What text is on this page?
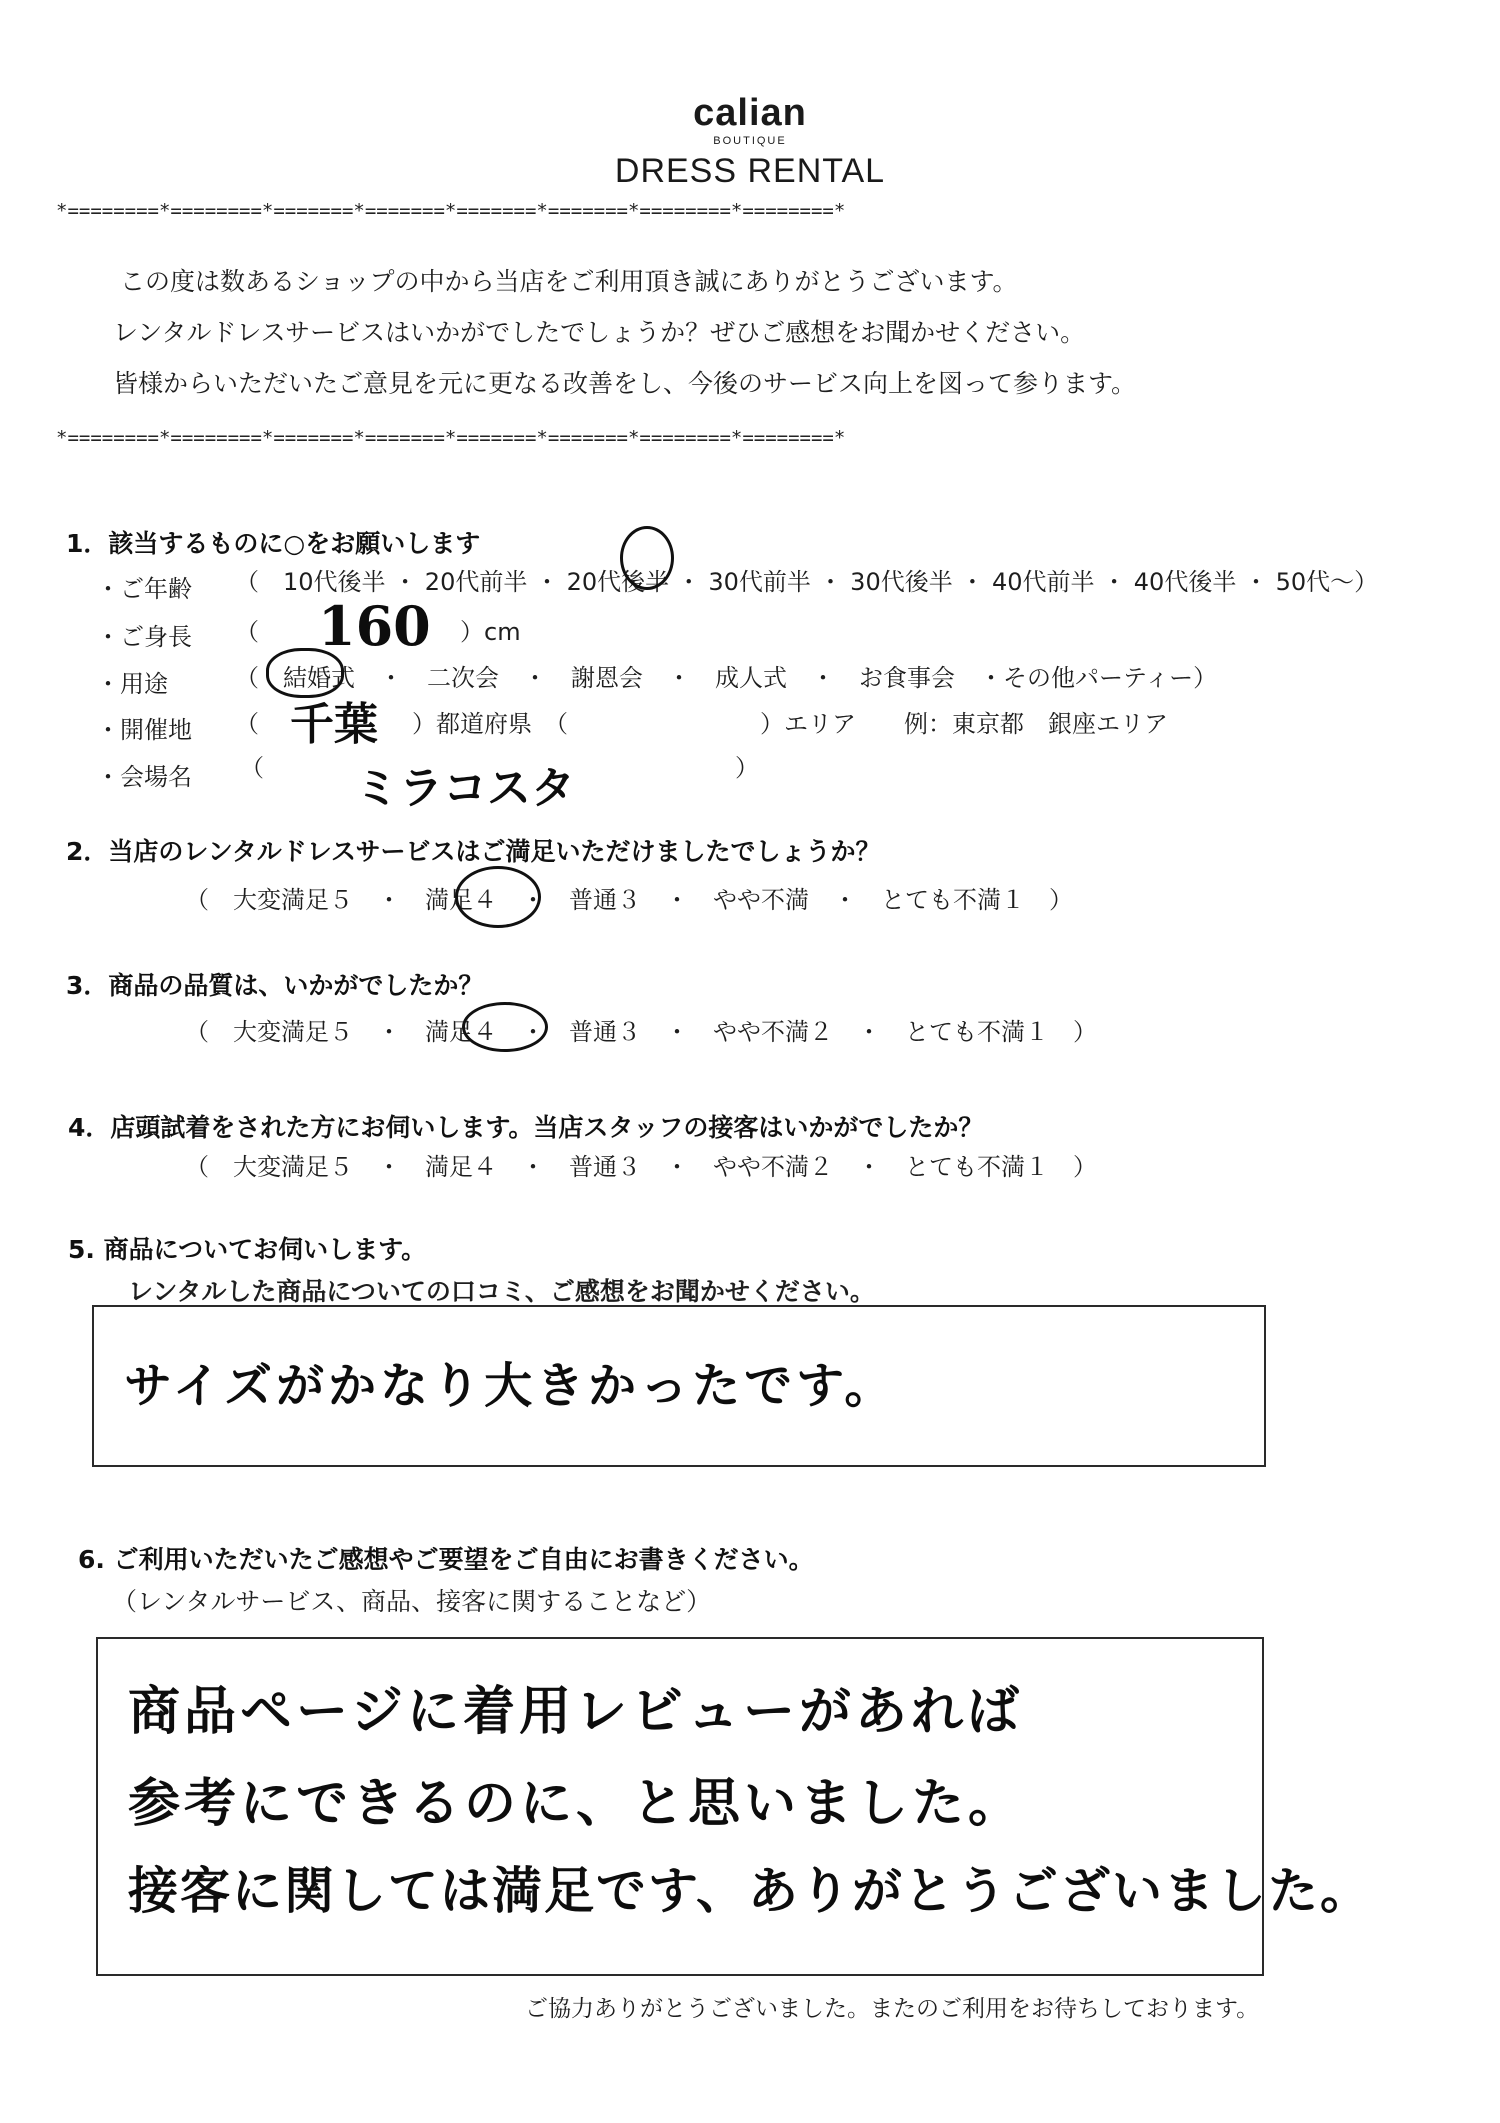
calian
BOUTIQUE
DRESS RENTAL
*========*========*=======*=======*=======*=======*========*========*
この度は数あるショップの中から当店をご利用頂き誠にありがとうございます。
レンタルドレスサービスはいかがでしたでしょうか？ぜひご感想をお聞かせください。
皆様からいただいたご意見を元に更なる改善をし、今後のサービス向上を図って参ります。
*========*========*=======*=======*=======*=======*========*========*
1．該当するものに○をお願いします
・ご年齢 （　10代後半 ・ 20代前半 ・ 20代後半 ・ 30代前半 ・ 30代後半 ・ 40代前半 ・ 40代後半 ・ 50代～）
・ご身長 （ 160 ）cm
・用途	（　結婚式　・　二次会　・　謝恩会　・　成人式　・　お食事会　・その他パーティー）
・開催地 （ 千葉 ）都道府県　（	）エリア　　例：東京都　銀座エリア
・会場名 （ ミラコスタ	）
2．当店のレンタルドレスサービスはご満足いただけましたでしょうか？
（　大変満足５　・　満足４　・　普通３　・　やや不満　・　とても不満１　）
3．商品の品質は、いかがでしたか？
（　大変満足５　・　満足４　・　普通３　・　やや不満２　・　とても不満１　）
4．店頭試着をされた方にお伺いします。当店スタッフの接客はいかがでしたか？
（　大変満足５　・　満足４　・　普通３　・　やや不満２　・　とても不満１　）
5. 商品についてお伺いします。
レンタルした商品についての口コミ、ご感想をお聞かせください。
サイズがかなり大きかったです。
6. ご利用いただいたご感想やご要望をご自由にお書きください。
（レンタルサービス、商品、接客に関することなど）
商品ページに着用レビューがあれば
参考にできるのに、と思いました。
接客に関しては満足です、ありがとうございました。
ご協力ありがとうございました。またのご利用をお待ちしております。
